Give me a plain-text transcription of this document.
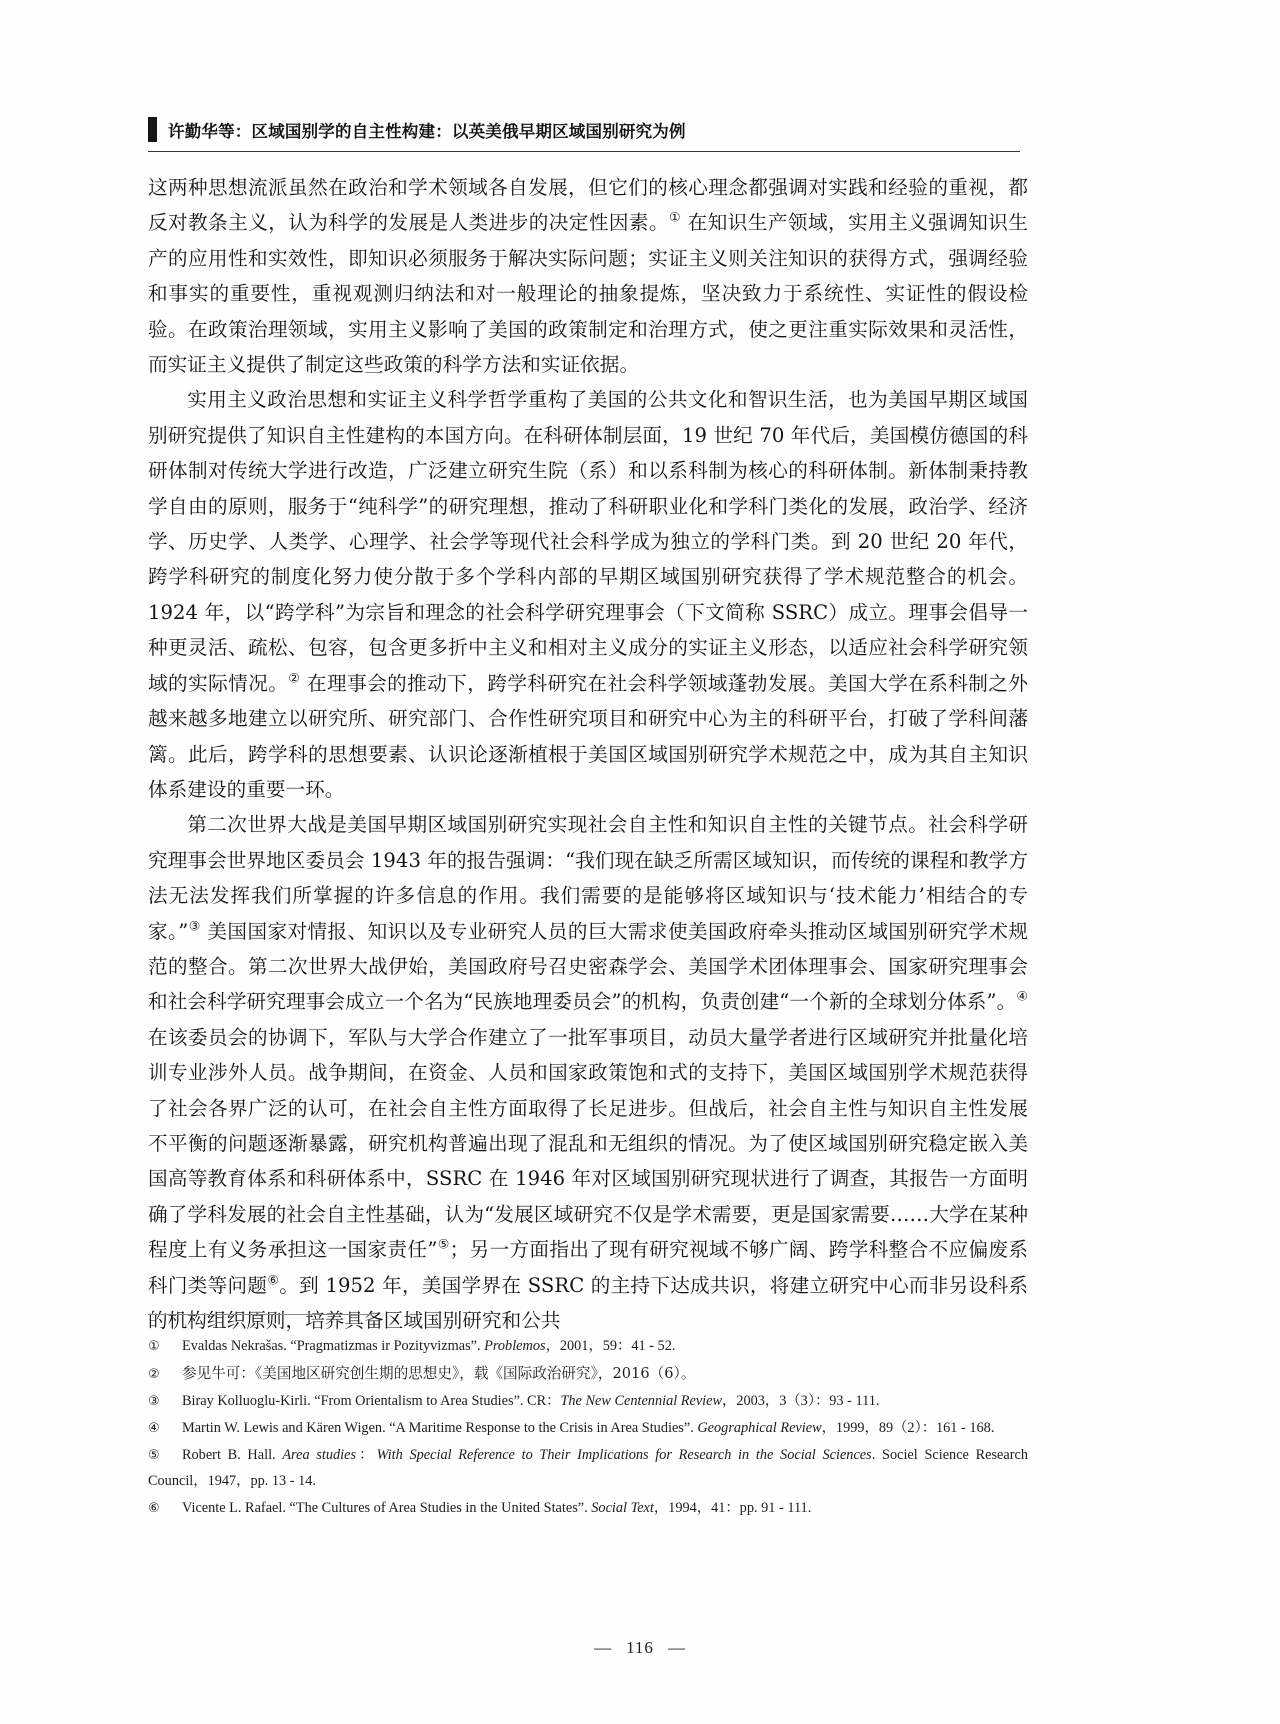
许勤华等：区域国别学的自主性构建：以英美俄早期区域国别研究为例

这两种思想流派虽然在政治和学术领域各自发展，但它们的核心理念都强调对实践和经验的重视，都反对教条主义，认为科学的发展是人类进步的决定性因素。① 在知识生产领域，实用主义强调知识生产的应用性和实效性，即知识必须服务于解决实际问题；实证主义则关注知识的获得方式，强调经验和事实的重要性，重视观测归纳法和对一般理论的抽象提炼，坚决致力于系统性、实证性的假设检验。在政策治理领域，实用主义影响了美国的政策制定和治理方式，使之更注重实际效果和灵活性，而实证主义提供了制定这些政策的科学方法和实证依据。

实用主义政治思想和实证主义科学哲学重构了美国的公共文化和智识生活，也为美国早期区域国别研究提供了知识自主性建构的本国方向。在科研体制层面，19 世纪 70 年代后，美国模仿德国的科研体制对传统大学进行改造，广泛建立研究生院（系）和以系科制为核心的科研体制。新体制秉持教学自由的原则，服务于“纯科学”的研究理想，推动了科研职业化和学科门类化的发展，政治学、经济学、历史学、人类学、心理学、社会学等现代社会科学成为独立的学科门类。到 20 世纪 20 年代，跨学科研究的制度化努力使分散于多个学科内部的早期区域国别研究获得了学术规范整合的机会。1924 年，以“跨学科”为宗旨和理念的社会科学研究理事会（下文简称 SSRC）成立。理事会倡导一种更灵活、疏松、包容，包含更多折中主义和相对主义成分的实证主义形态，以适应社会科学研究领域的实际情况。② 在理事会的推动下，跨学科研究在社会科学领域蓬勃发展。美国大学在系科制之外越来越多地建立以研究所、研究部门、合作性研究项目和研究中心为主的科研平台，打破了学科间藩篱。此后，跨学科的思想要素、认识论逐渐植根于美国区域国别研究学术规范之中，成为其自主知识体系建设的重要一环。

第二次世界大战是美国早期区域国别研究实现社会自主性和知识自主性的关键节点。社会科学研究理事会世界地区委员会 1943 年的报告强调：“我们现在缺乏所需区域知识，而传统的课程和教学方法无法发挥我们所掌握的许多信息的作用。我们需要的是能够将区域知识与‘技术能力’相结合的专家。”③ 美国国家对情报、知识以及专业研究人员的巨大需求使美国政府牵头推动区域国别研究学术规范的整合。第二次世界大战伊始，美国政府号召史密森学会、美国学术团体理事会、国家研究理事会和社会科学研究理事会成立一个名为“民族地理委员会”的机构，负责创建“一个新的全球划分体系”。④ 在该委员会的协调下，军队与大学合作建立了一批军事项目，动员大量学者进行区域研究并批量化培训专业涉外人员。战争期间，在资金、人员和国家政策饱和式的支持下，美国区域国别学术规范获得了社会各界广泛的认可，在社会自主性方面取得了长足进步。但战后，社会自主性与知识自主性发展不平衡的问题逐渐暴露，研究机构普遍出现了混乱和无组织的情况。为了使区域国别研究稳定嵌入美国高等教育体系和科研体系中，SSRC 在 1946 年对区域国别研究现状进行了调查，其报告一方面明确了学科发展的社会自主性基础，认为“发展区域研究不仅是学术需要，更是国家需要……大学在某种程度上有义务承担这一国家责任”⑤；另一方面指出了现有研究视域不够广阔、跨学科整合不应偏废系科门类等问题⑥。到 1952 年，美国学界在 SSRC 的主持下达成共识，将建立研究中心而非另设科系的机构组织原则，培养具备区域国别研究和公共

① Evaldas Nekrašas. “Pragmatizmas ir Pozityvizmas”. Problemos，2001，59：41 - 52.
② 参见牛可：《美国地区研究创生期的思想史》，载《国际政治研究》，2016（6）。
③ Biray Kolluoglu-Kirli. “From Orientalism to Area Studies”. CR：The New Centennial Review，2003，3（3）：93 - 111.
④ Martin W. Lewis and Kären Wigen. “A Maritime Response to the Crisis in Area Studies”. Geographical Review，1999，89（2）：161 - 168.
⑤ Robert B. Hall. Area studies：With Special Reference to Their Implications for Research in the Social Sciences. Sociel Science Research Council，1947，pp. 13 - 14.
⑥ Vicente L. Rafael. “The Cultures of Area Studies in the United States”. Social Text，1994，41：pp. 91 - 111.
— 116 —
